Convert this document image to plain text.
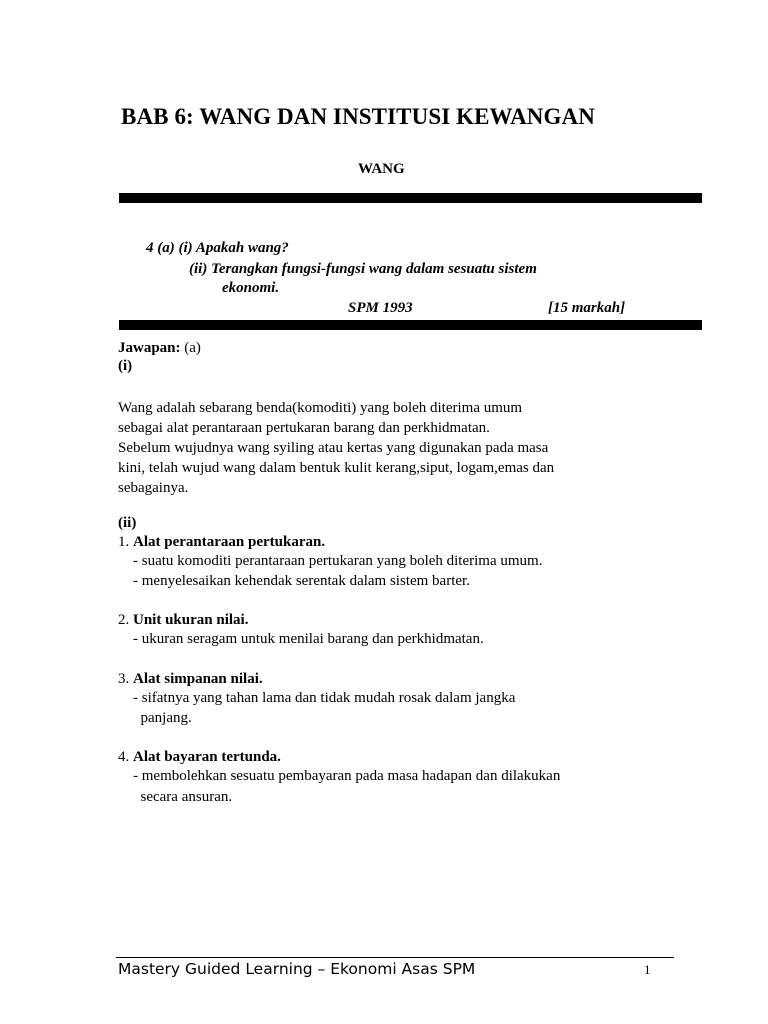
BAB 6: WANG DAN INSTITUSI KEWANGAN
WANG
4 (a) (i) Apakah wang?
(ii) Terangkan fungsi-fungsi wang dalam sesuatu sistem
ekonomi.
SPM 1993	[15 markah]
Jawapan: (a)
(i)
Wang adalah sebarang benda(komoditi) yang boleh diterima umum
sebagai alat perantaraan pertukaran barang dan perkhidmatan.
Sebelum wujudnya wang syiling atau kertas yang digunakan pada masa
kini, telah wujud wang dalam bentuk kulit kerang,siput, logam,emas dan
sebagainya.
(ii)
1. Alat perantaraan pertukaran.
- suatu komoditi perantaraan pertukaran yang boleh diterima umum.
- menyelesaikan kehendak serentak dalam sistem barter.
2. Unit ukuran nilai.
- ukuran seragam untuk menilai barang dan perkhidmatan.
3. Alat simpanan nilai.
- sifatnya yang tahan lama dan tidak mudah rosak dalam jangka
panjang.
4. Alat bayaran tertunda.
- membolehkan sesuatu pembayaran pada masa hadapan dan dilakukan
secara ansuran.
Mastery Guided Learning – Ekonomi Asas SPM	1
